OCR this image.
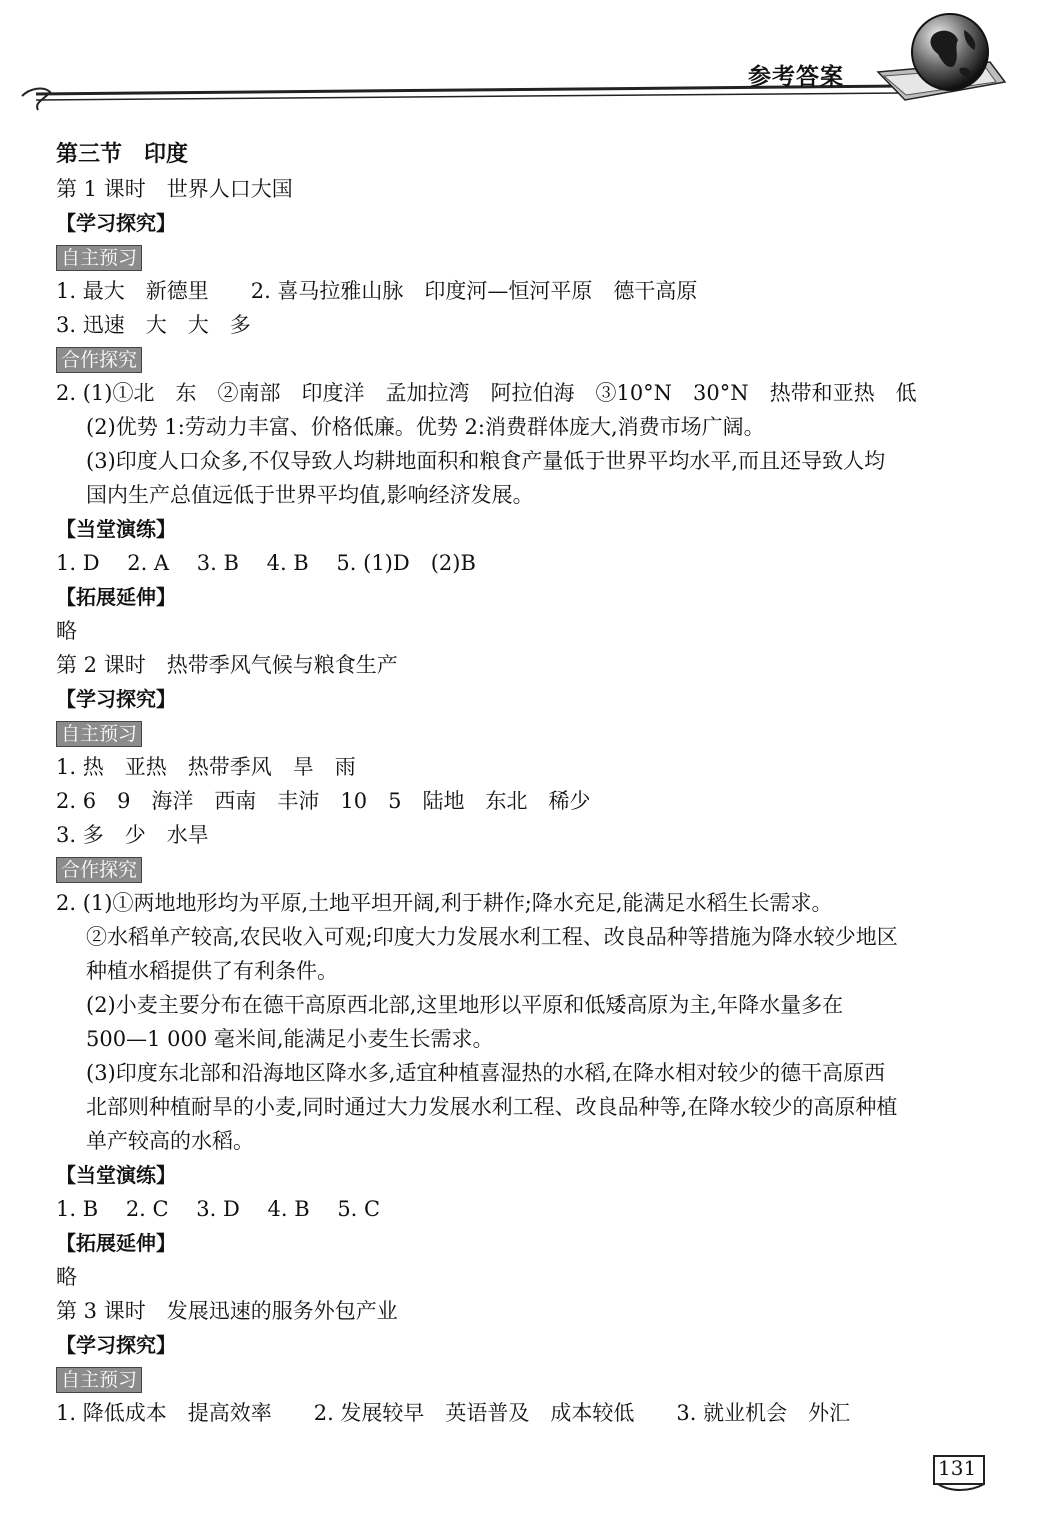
参考答案
第三节　印度
第 1 课时　世界人口大国
【学习探究】
自主预习
1. 最大　新德里　　2. 喜马拉雅山脉　印度河—恒河平原　德干高原
3. 迅速　大　大　多
合作探究
2. (1)①北　东　②南部　印度洋　孟加拉湾　阿拉伯海　③10°N　30°N　热带和亚热　低
(2)优势 1:劳动力丰富、价格低廉。优势 2:消费群体庞大,消费市场广阔。
(3)印度人口众多,不仅导致人均耕地面积和粮食产量低于世界平均水平,而且还导致人均
国内生产总值远低于世界平均值,影响经济发展。
【当堂演练】
1. D　 2. A　 3. B　 4. B　 5. (1)D　(2)B
【拓展延伸】
略
第 2 课时　热带季风气候与粮食生产
【学习探究】
自主预习
1. 热　亚热　热带季风　旱　雨
2. 6　9　海洋　西南　丰沛　10　5　陆地　东北　稀少
3. 多　少　水旱
合作探究
2. (1)①两地地形均为平原,土地平坦开阔,利于耕作;降水充足,能满足水稻生长需求。
②水稻单产较高,农民收入可观;印度大力发展水利工程、改良品种等措施为降水较少地区
种植水稻提供了有利条件。
(2)小麦主要分布在德干高原西北部,这里地形以平原和低矮高原为主,年降水量多在
500—1 000 毫米间,能满足小麦生长需求。
(3)印度东北部和沿海地区降水多,适宜种植喜湿热的水稻,在降水相对较少的德干高原西
北部则种植耐旱的小麦,同时通过大力发展水利工程、改良品种等,在降水较少的高原种植
单产较高的水稻。
【当堂演练】
1. B　 2. C　 3. D　 4. B　 5. C
【拓展延伸】
略
第 3 课时　发展迅速的服务外包产业
【学习探究】
自主预习
1. 降低成本　提高效率　　2. 发展较早　英语普及　成本较低　　3. 就业机会　外汇
131
